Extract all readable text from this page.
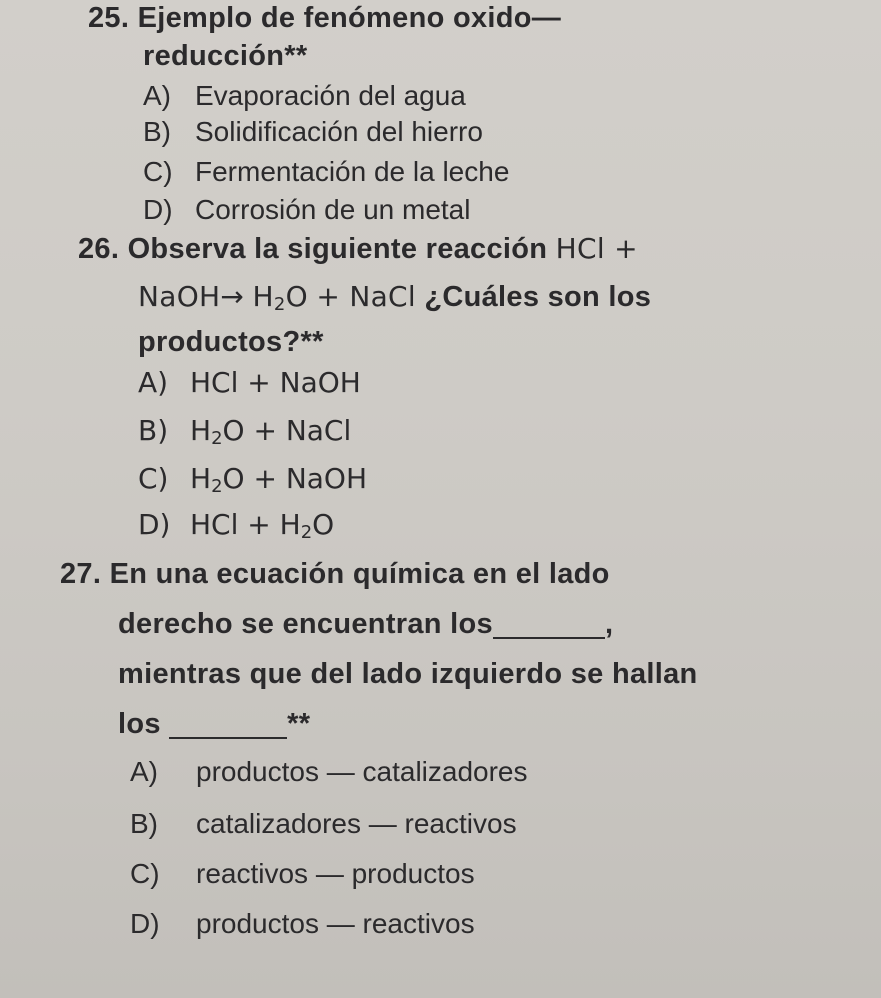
25. Ejemplo de fenómeno oxido—
reducción**
A) Evaporación del agua
B) Solidificación del hierro
C) Fermentación de la leche
D) Corrosión de un metal
26. Observa la siguiente reacción HCl +
NaOH→ $H_2O$ + NaCl ¿Cuáles son los
productos?**
A) HCl + NaOH
B) $H_2O$ + NaCl
C) $H_2O$ + NaOH
D) HCl + $H_2O$
27. En una ecuación química en el lado
derecho se encuentran los	,
mientras que del lado izquierdo se hallan
los	**
A) productos — catalizadores
B) catalizadores — reactivos
C) reactivos — productos
D) productos — reactivos
